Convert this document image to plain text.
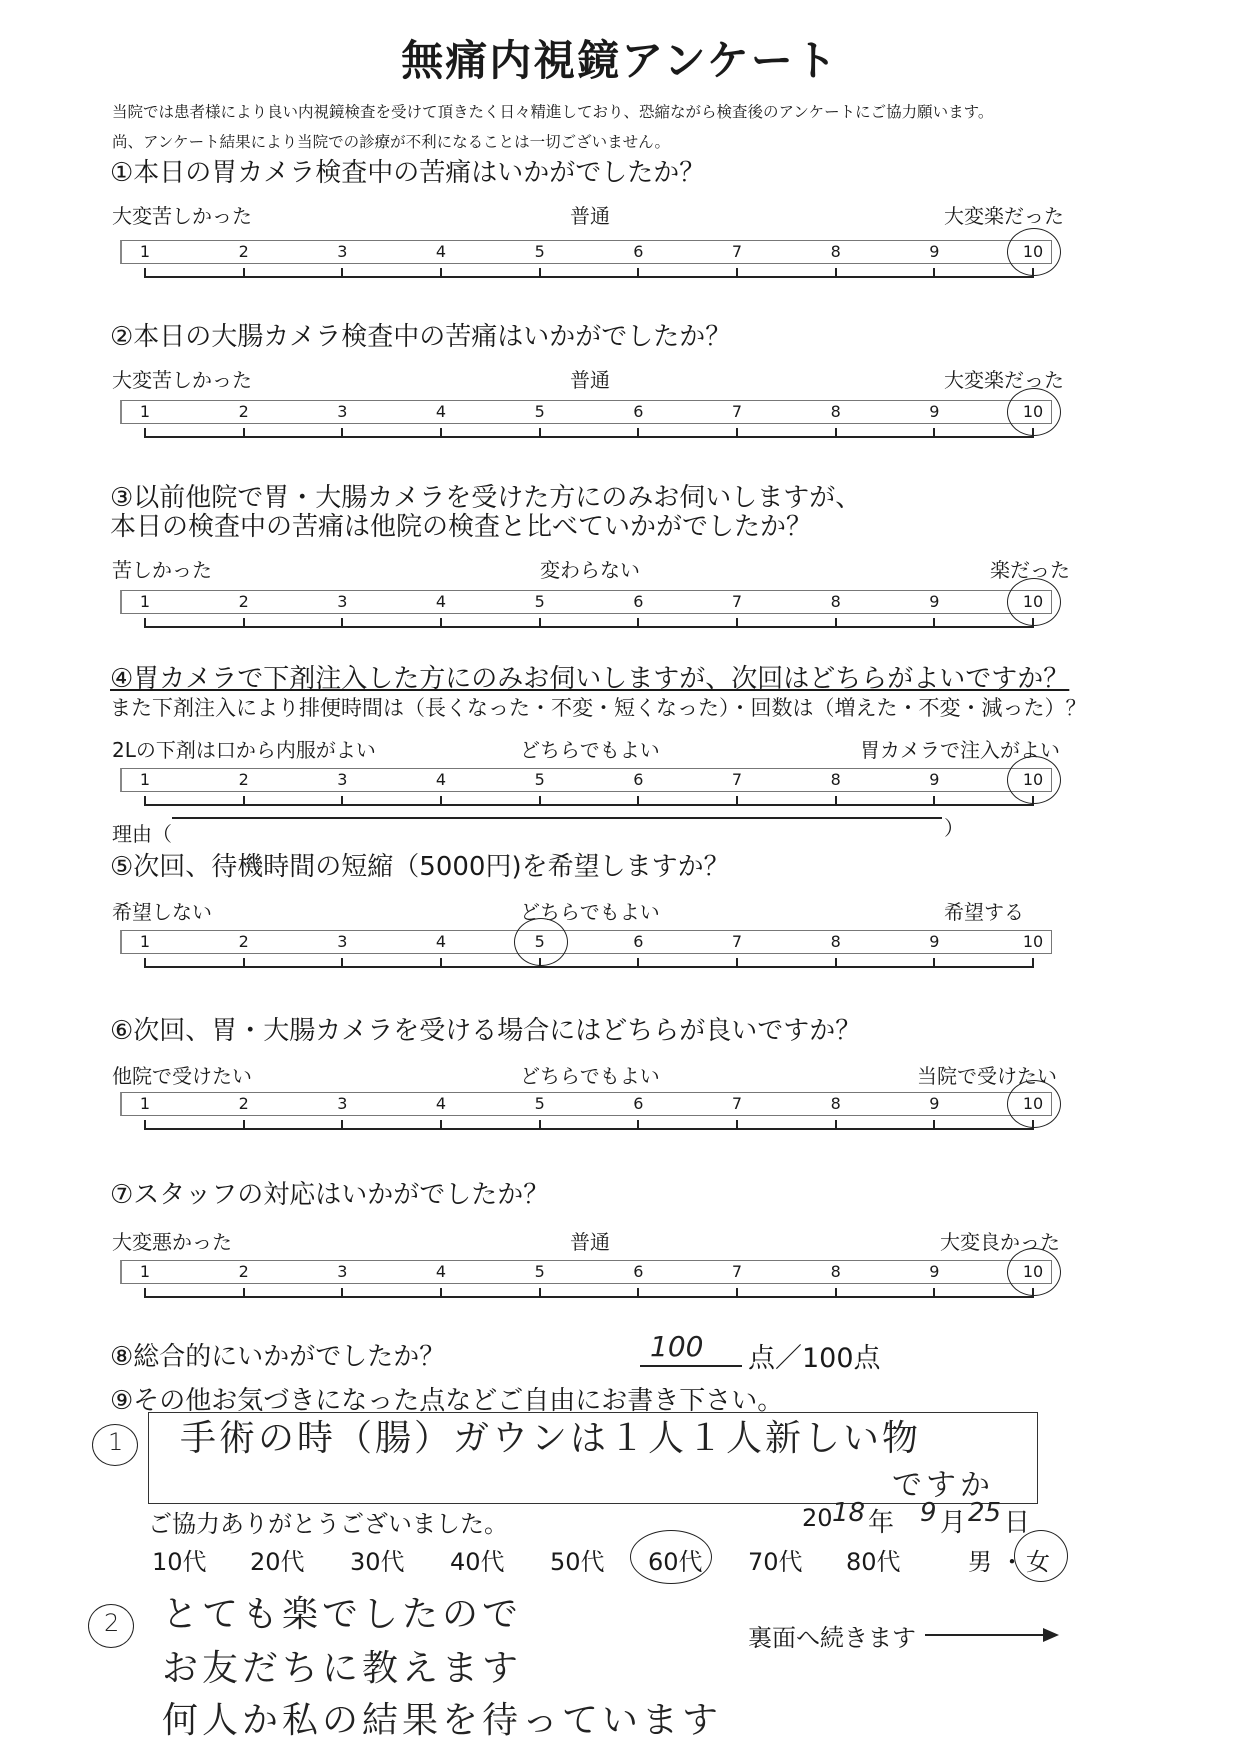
無痛内視鏡アンケート
当院では患者様により良い内視鏡検査を受けて頂きたく日々精進しており、恐縮ながら検査後のアンケートにご協力願います。
尚、アンケート結果により当院での診療が不利になることは一切ございません。
①本日の胃カメラ検査中の苦痛はいかがでしたか？
②本日の大腸カメラ検査中の苦痛はいかがでしたか？
③以前他院で胃・大腸カメラを受けた方にのみお伺いしますが、
本日の検査中の苦痛は他院の検査と比べていかがでしたか？
④胃カメラで下剤注入した方にのみお伺いしますが、次回はどちらがよいですか？
また下剤注入により排便時間は（長くなった・不変・短くなった）・回数は（増えた・不変・減った）？
⑤次回、待機時間の短縮（5000円)を希望しますか？
⑥次回、胃・大腸カメラを受ける場合にはどちらが良いですか？
⑦スタッフの対応はいかがでしたか？
大変苦しかった	普通	大変楽だった
大変苦しかった	普通	大変楽だった
苦しかった	変わらない	楽だった
2Lの下剤は口から内服がよい	どちらでもよい	胃カメラで注入がよい
希望しない	どちらでもよい	希望する
他院で受けたい	どちらでもよい	当院で受けたい
大変悪かった	普通	大変良かった
1	2	3	4	5	6	7	8	9	10
1	2	3	4	5	6	7	8	9	10
1	2	3	4	5	6	7	8	9	10
1	2	3	4	5	6	7	8	9	10
1	2	3	4	5	6	7	8	9	10
1	2	3	4	5	6	7	8	9	10
1	2	3	4	5	6	7	8	9	10
理由（	）
⑧総合的にいかがでしたか？	100 点／100点
⑨その他お気づきになった点などご自由にお書き下さい。
1 手術の時（腸）ガウンは１人１人新しい物
ですか
ご協力ありがとうございました。	20 18 年 9 月 25 日
10代 20代 30代 40代 50代 60代 70代 80代	男 ・ 女
2 とても楽でしたので
お友だちに教えます
何人か私の結果を待っています
裏面へ続きます
